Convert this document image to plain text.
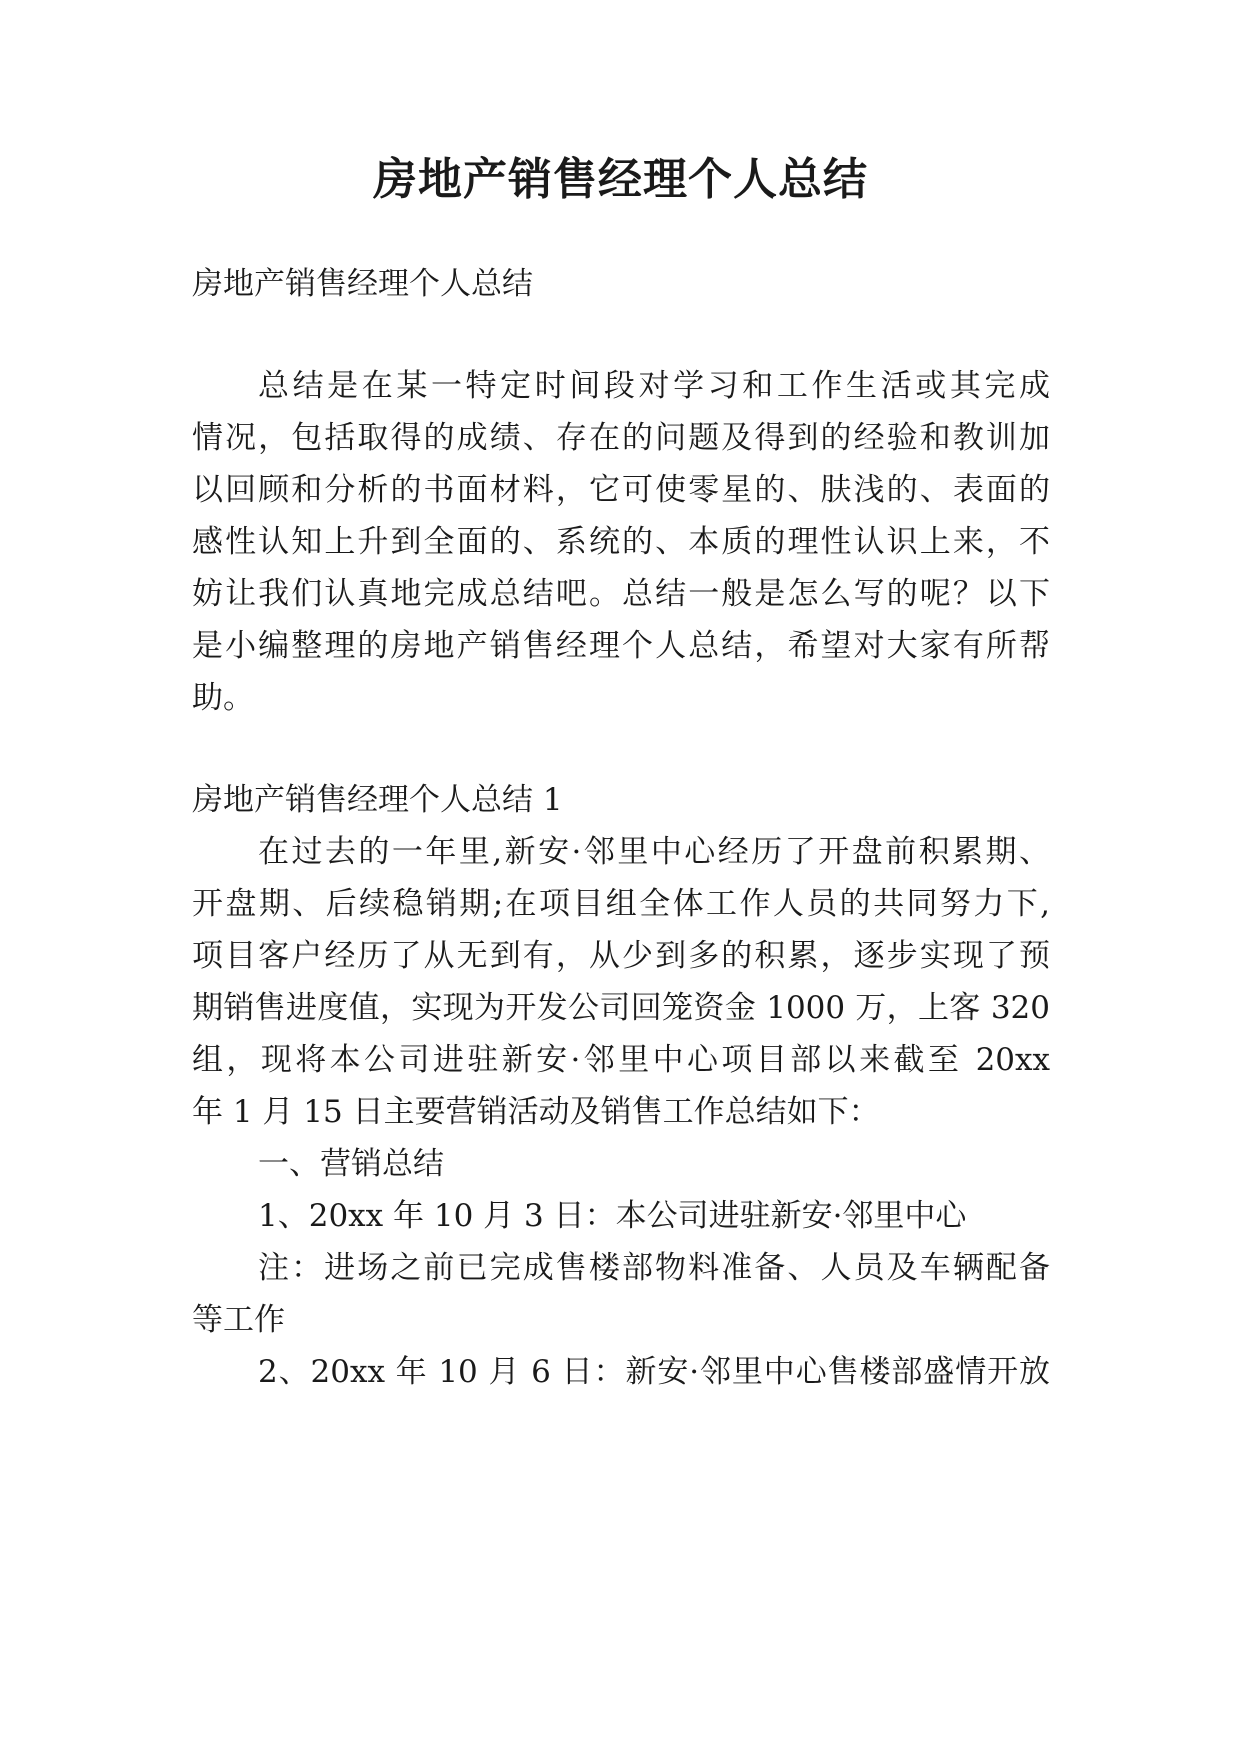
房地产销售经理个人总结
房地产销售经理个人总结
总结是在某一特定时间段对学习和工作生活或其完成
情况，包括取得的成绩、存在的问题及得到的经验和教训加
以回顾和分析的书面材料，它可使零星的、肤浅的、表面的
感性认知上升到全面的、系统的、本质的理性认识上来，不
妨让我们认真地完成总结吧。总结一般是怎么写的呢？以下
是小编整理的房地产销售经理个人总结，希望对大家有所帮
助。
房地产销售经理个人总结 1
在过去的一年里,新安·邻里中心经历了开盘前积累期、
开盘期、后续稳销期;在项目组全体工作人员的共同努力下,
项目客户经历了从无到有，从少到多的积累，逐步实现了预
期销售进度值，实现为开发公司回笼资金 1000 万，上客 320
组，现将本公司进驻新安·邻里中心项目部以来截至 20xx
年 1 月 15 日主要营销活动及销售工作总结如下：
一、营销总结
1、20xx 年 10 月 3 日：本公司进驻新安·邻里中心
注：进场之前已完成售楼部物料准备、人员及车辆配备
等工作
2、20xx 年 10 月 6 日：新安·邻里中心售楼部盛情开放
